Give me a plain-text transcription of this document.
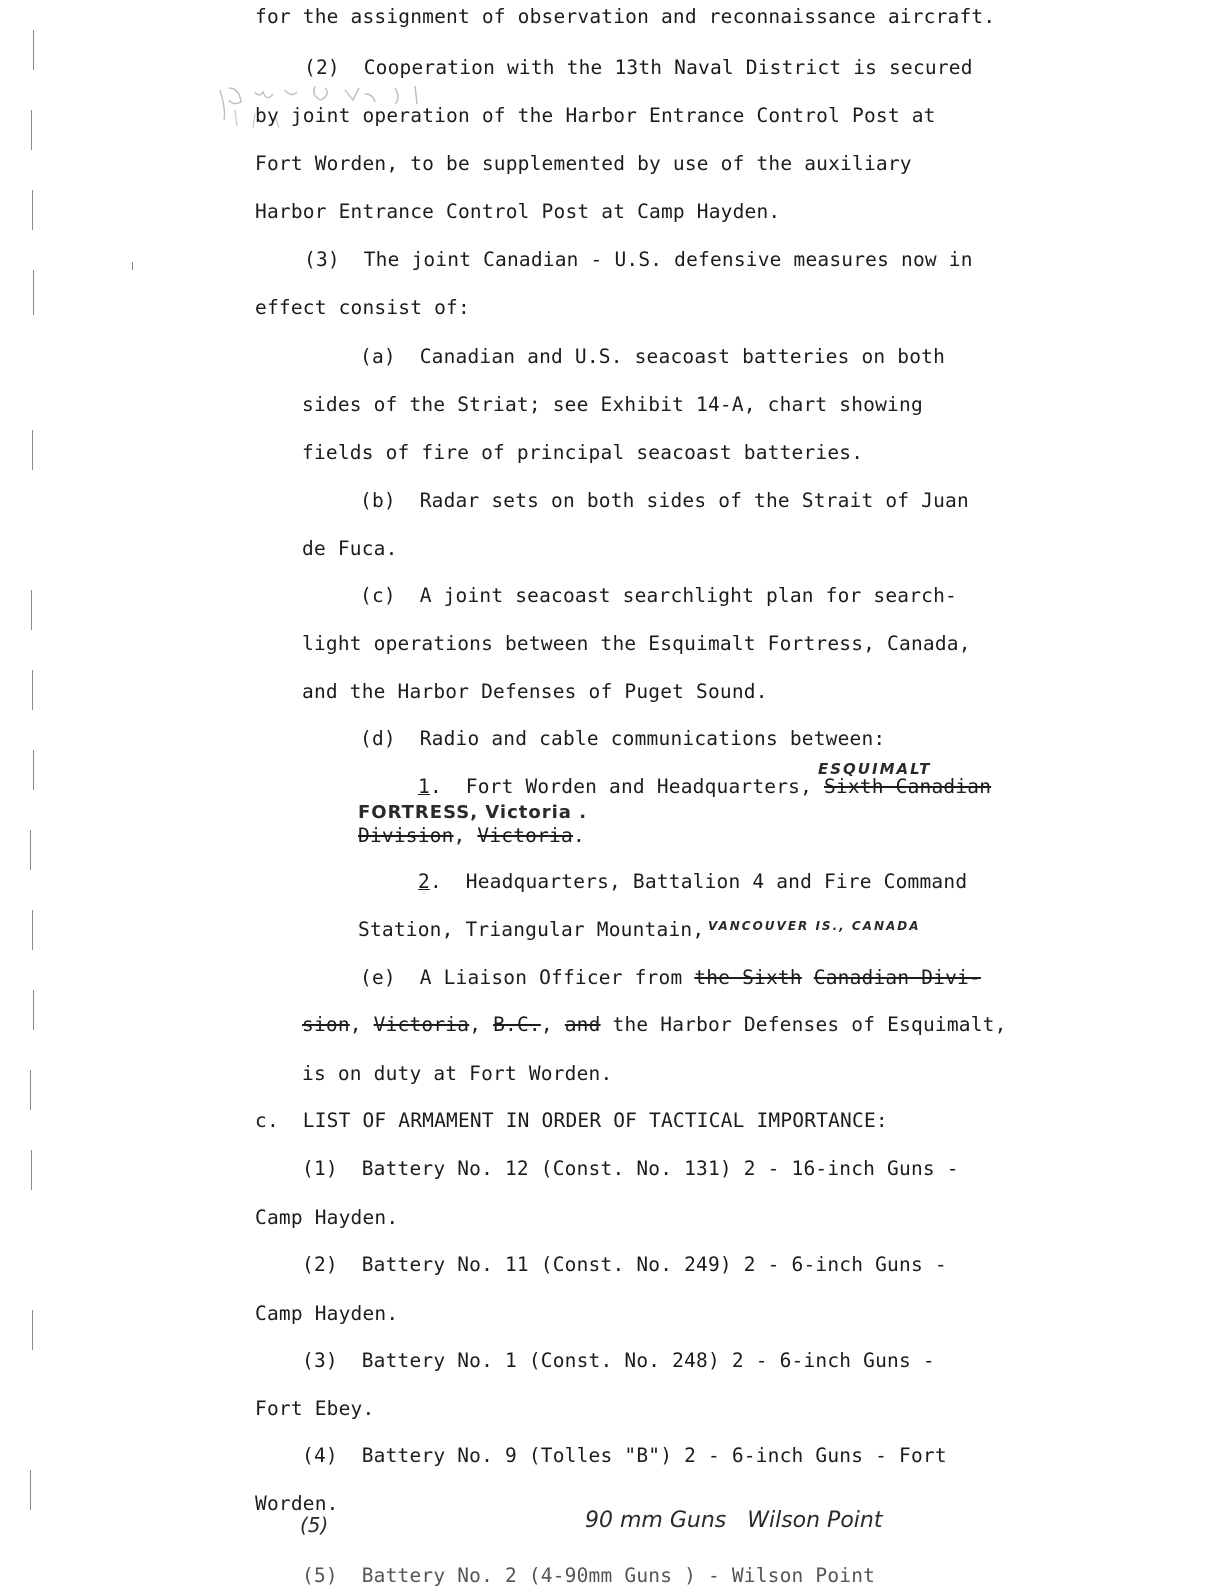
for the assignment of observation and reconnaissance aircraft.
(2)  Cooperation with the 13th Naval District is secured
by joint operation of the Harbor Entrance Control Post at
Fort Worden, to be supplemented by use of the auxiliary
Harbor Entrance Control Post at Camp Hayden.
(3)  The joint Canadian - U.S. defensive measures now in
effect consist of:
(a)  Canadian and U.S. seacoast batteries on both
sides of the Striat; see Exhibit 14-A, chart showing
fields of fire of principal seacoast batteries.
(b)  Radar sets on both sides of the Strait of Juan
de Fuca.
(c)  A joint seacoast searchlight plan for search-
light operations between the Esquimalt Fortress, Canada,
and the Harbor Defenses of Puget Sound.
(d)  Radio and cable communications between:
1.  Fort Worden and Headquarters, Sixth Canadian
ESQUIMALT
FORTRESS, Victoria .
Division, Victoria.
2.  Headquarters, Battalion 4 and Fire Command
Station, Triangular Mountain, VANCOUVER IS., CANADA
(e)  A Liaison Officer from the Sixth Canadian Divi-
sion, Victoria, B.C., and the Harbor Defenses of Esquimalt,
is on duty at Fort Worden.
c.  LIST OF ARMAMENT IN ORDER OF TACTICAL IMPORTANCE:
(1)  Battery No. 12 (Const. No. 131) 2 - 16-inch Guns -
Camp Hayden.
(2)  Battery No. 11 (Const. No. 249) 2 - 6-inch Guns -
Camp Hayden.
(3)  Battery No. 1 (Const. No. 248) 2 - 6-inch Guns -
Fort Ebey.
(4)  Battery No. 9 (Tolles "B") 2 - 6-inch Guns - Fort
Worden.
(5)	90 mm Guns   Wilson Point
(5)  Battery No. 2 (4-90mm Guns ) - Wilson Point
